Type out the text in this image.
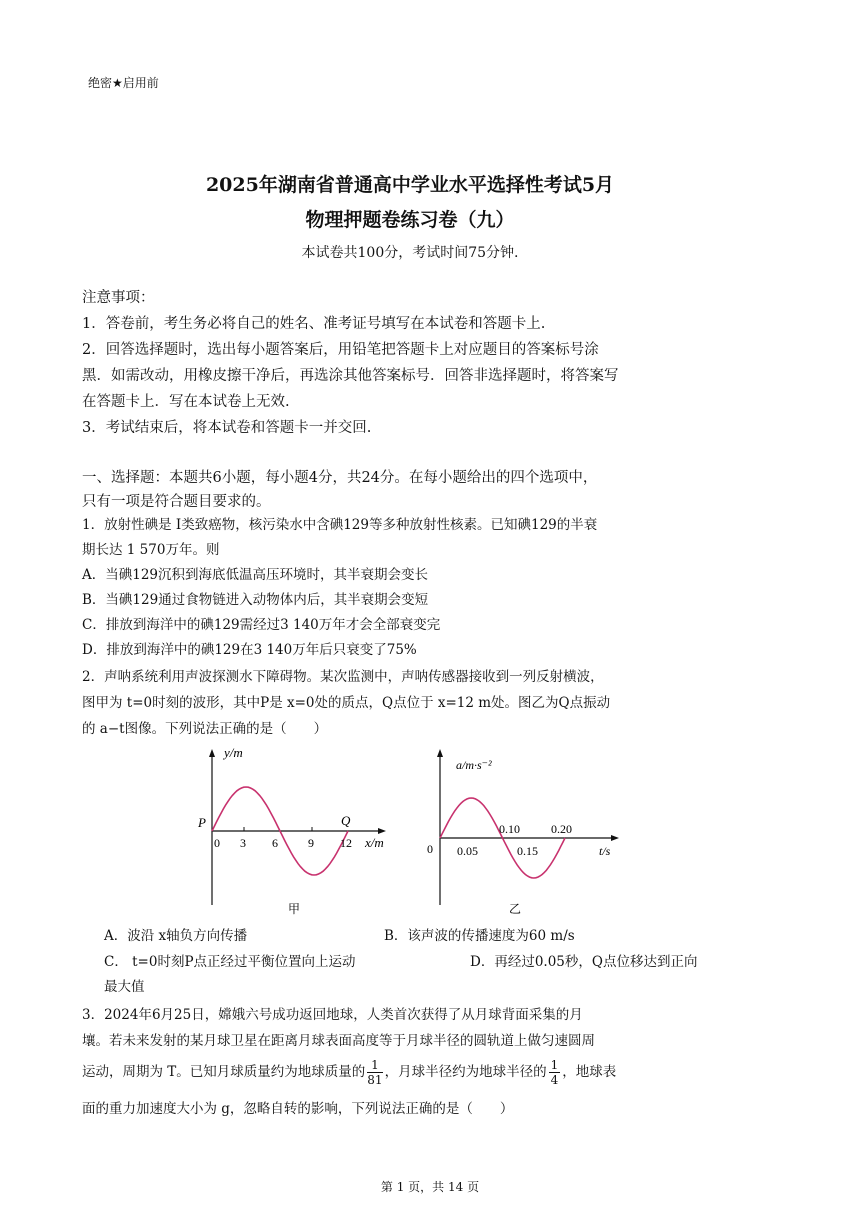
绝密★启用前
2025年湖南省普通高中学业水平选择性考试5月
物理押题卷练习卷（九）
本试卷共100分，考试时间75分钟.
注意事项：
1．答卷前，考生务必将自己的姓名、准考证号填写在本试卷和答题卡上.
2．回答选择题时，选出每小题答案后，用铅笔把答题卡上对应题目的答案标号涂
黑．如需改动，用橡皮擦干净后，再选涂其他答案标号．回答非选择题时，将答案写
在答题卡上．写在本试卷上无效.
3．考试结束后，将本试卷和答题卡一并交回.
一、选择题：本题共6小题，每小题4分，共24分。在每小题给出的四个选项中，
只有一项是符合题目要求的。
1．放射性碘是 I类致癌物，核污染水中含碘129等多种放射性核素。已知碘129的半衰
期长达 1 570万年。则
A．当碘129沉积到海底低温高压环境时，其半衰期会变长
B．当碘129通过食物链进入动物体内后，其半衰期会变短
C．排放到海洋中的碘129需经过3 140万年才会全部衰变完
D．排放到海洋中的碘129在3 140万年后只衰变了75%
2．声呐系统利用声波探测水下障碍物。某次监测中，声呐传感器接收到一列反射横波，
图甲为 t=0时刻的波形，其中P是 x=0处的质点，Q点位于 x=12 m处。图乙为Q点振动
的 a−t图像。下列说法正确的是（　　）
y/m
x/m
P	Q
0 3 6	9 12
甲
a/m·s⁻²
t/s
0
0.10	0.20
0.05	0.15
乙
A．波沿 x轴负方向传播	B．该声波的传播速度为60 m/s
C． t=0时刻P点正经过平衡位置向上运动	D．再经过0.05秒，Q点位移达到正向
最大值
3．2024年6月25日，嫦娥六号成功返回地球，人类首次获得了从月球背面采集的月
壤。若未来发射的某月球卫星在距离月球表面高度等于月球半径的圆轨道上做匀速圆周
运动，周期为 T。已知月球质量约为地球质量的 $\frac{1}{81}$ ，月球半径约为地球半径的 $\frac{1}{4}$ ，地球表
面的重力加速度大小为 g，忽略自转的影响，下列说法正确的是（　　）
第 1 页，共 14 页
